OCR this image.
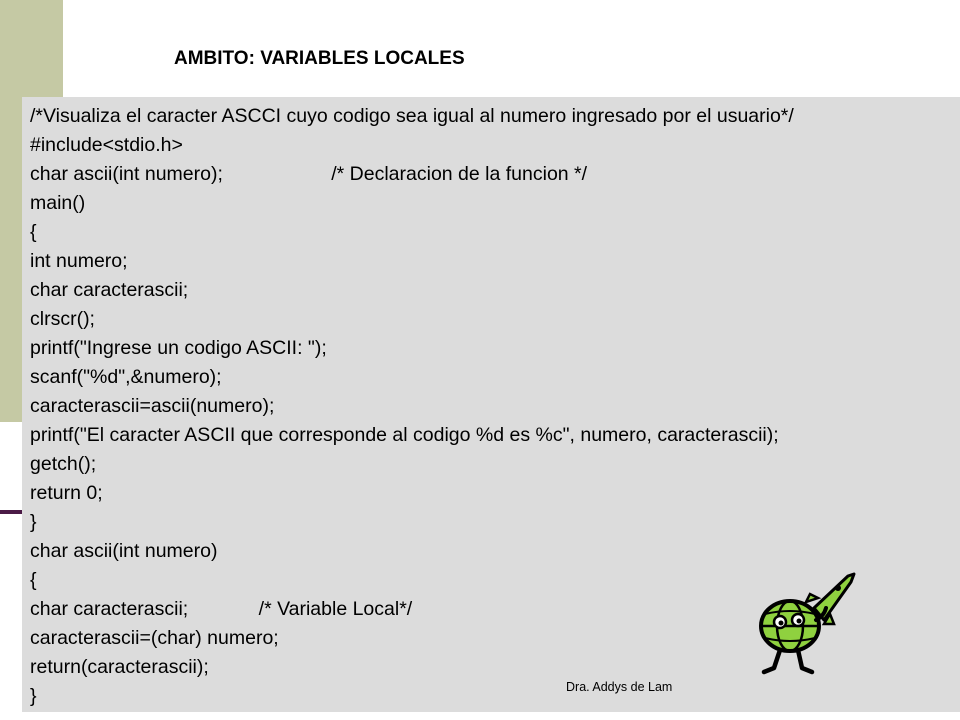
AMBITO: VARIABLES LOCALES
/*Visualiza el caracter ASCCI cuyo codigo sea igual al numero ingresado por el usuario*/
#include<stdio.h>
char ascii(int numero);                    /* Declaracion de la funcion */
main()
{
int numero;
char caracterascii;
clrscr();
printf("Ingrese un codigo ASCII: ");
scanf("%d",&numero);
caracterascii=ascii(numero);
printf("El caracter ASCII que corresponde al codigo %d es %c", numero, caracterascii);
getch();
return 0;
}
char ascii(int numero)
{
char caracterascii;             /* Variable Local*/
caracterascii=(char) numero;
return(caracterascii);
}	Dra. Addys de Lam
